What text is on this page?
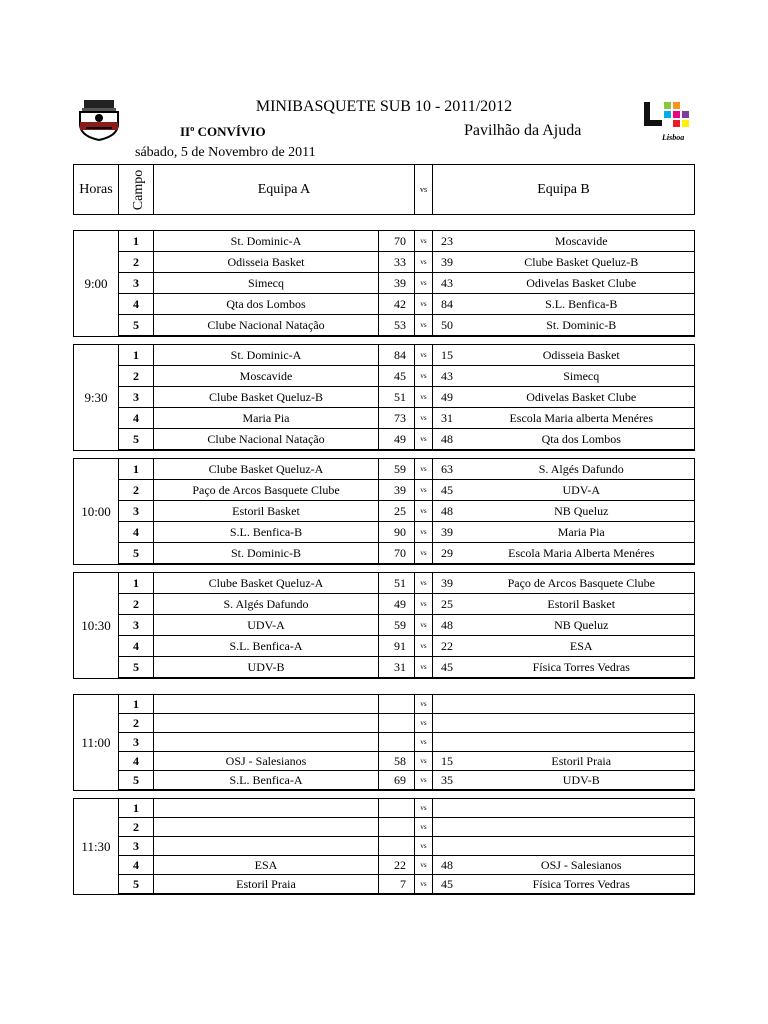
Lisboa
MINIBASQUETE SUB 10 - 2011/2012
IIº CONVÍVIO	Pavilhão da Ajuda
sábado, 5 de Novembro de 2011
Horas	Campo	Equipa A	vs	Equipa B
9:00	1	St. Dominic-A	70	vs	23	Moscavide
	2	Odisseia Basket	33	vs	39	Clube Basket Queluz-B
	3	Simecq	39	vs	43	Odivelas Basket Clube
	4	Qta dos Lombos	42	vs	84	S.L. Benfica-B
	5	Clube Nacional Natação	53	vs	50	St. Dominic-B
9:30	1	St. Dominic-A	84	vs	15	Odisseia Basket
	2	Moscavide	45	vs	43	Simecq
	3	Clube Basket Queluz-B	51	vs	49	Odivelas Basket Clube
	4	Maria Pia	73	vs	31	Escola Maria alberta Menéres
	5	Clube Nacional Natação	49	vs	48	Qta dos Lombos
10:00	1	Clube Basket Queluz-A	59	vs	63	S. Algés Dafundo
	2	Paço de Arcos Basquete Clube	39	vs	45	UDV-A
	3	Estoril Basket	25	vs	48	NB Queluz
	4	S.L. Benfica-B	90	vs	39	Maria Pia
	5	St. Dominic-B	70	vs	29	Escola Maria Alberta Menéres
10:30	1	Clube Basket Queluz-A	51	vs	39	Paço de Arcos Basquete Clube
	2	S. Algés Dafundo	49	vs	25	Estoril Basket
	3	UDV-A	59	vs	48	NB Queluz
	4	S.L. Benfica-A	91	vs	22	ESA
	5	UDV-B	31	vs	45	Física Torres Vedras
11:00	1			vs		
	2			vs		
	3			vs		
	4	OSJ - Salesianos	58	vs	15	Estoril Praia
	5	S.L. Benfica-A	69	vs	35	UDV-B
11:30	1			vs		
	2			vs		
	3			vs		
	4	ESA	22	vs	48	OSJ - Salesianos
	5	Estoril Praia	7	vs	45	Física Torres Vedras
